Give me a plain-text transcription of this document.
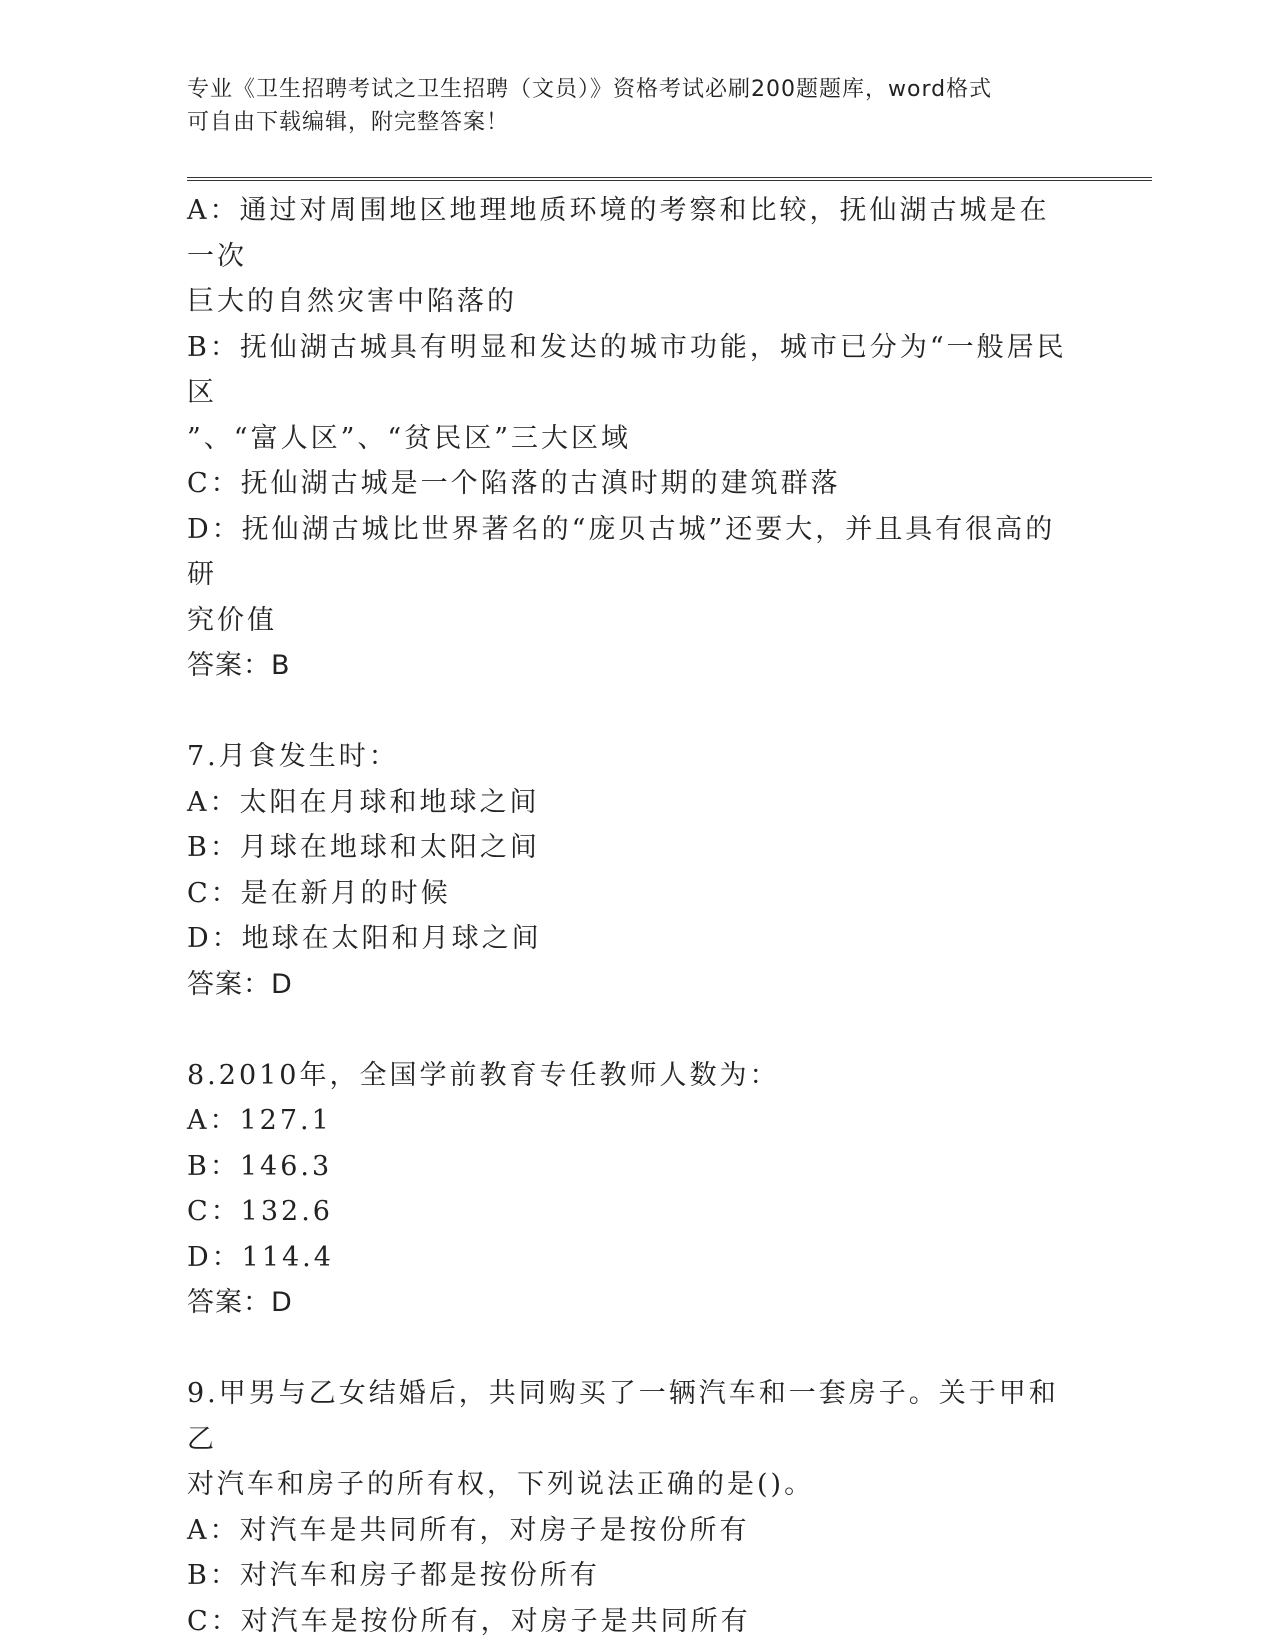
专业《卫生招聘考试之卫生招聘（文员）》资格考试必刷200题题库，word格式
可自由下载编辑，附完整答案！
A：通过对周围地区地理地质环境的考察和比较，抚仙湖古城是在一次
巨大的自然灾害中陷落的
B：抚仙湖古城具有明显和发达的城市功能，城市已分为“一般居民区
”、“富人区”、“贫民区”三大区域
C：抚仙湖古城是一个陷落的古滇时期的建筑群落
D：抚仙湖古城比世界著名的“庞贝古城”还要大，并且具有很高的研
究价值
答案：B
7.月食发生时：
A：太阳在月球和地球之间
B：月球在地球和太阳之间
C：是在新月的时候
D：地球在太阳和月球之间
答案：D
8.2010年，全国学前教育专任教师人数为：
A：127.1
B：146.3
C：132.6
D：114.4
答案：D
9.甲男与乙女结婚后，共同购买了一辆汽车和一套房子。关于甲和乙
对汽车和房子的所有权，下列说法正确的是()。
A：对汽车是共同所有，对房子是按份所有
B：对汽车和房子都是按份所有
C：对汽车是按份所有，对房子是共同所有
